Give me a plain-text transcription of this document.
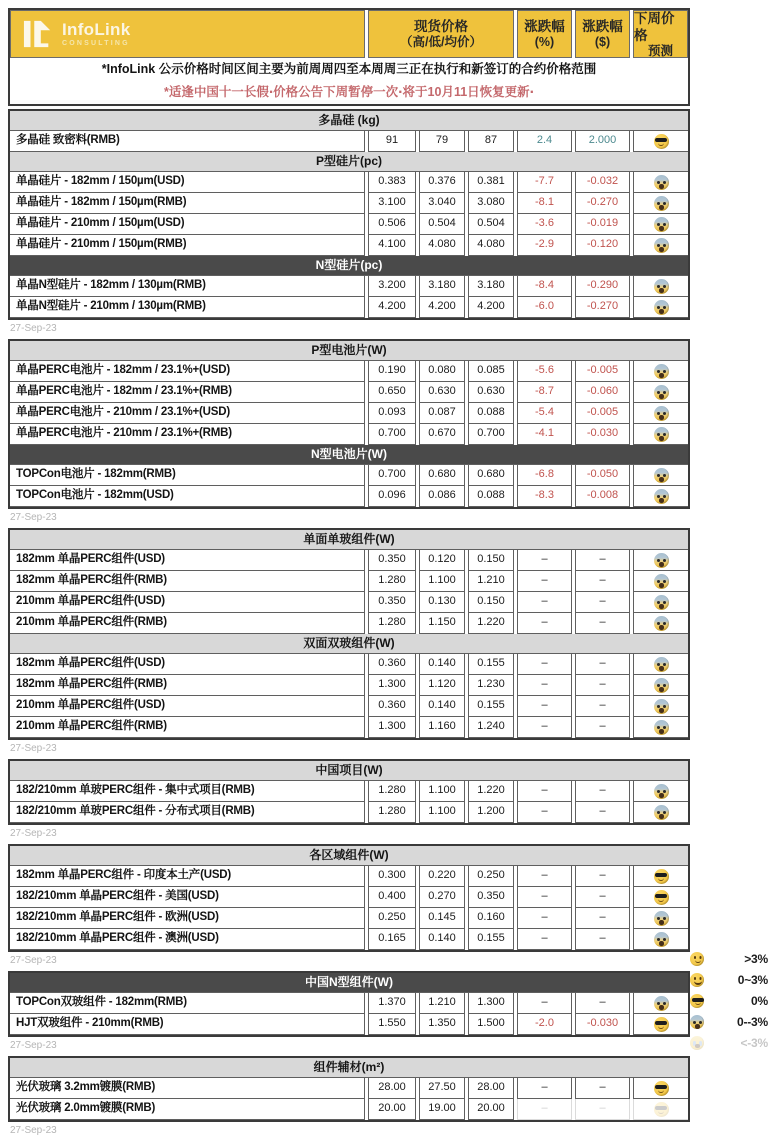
InfoLink
CONSULTING
现货价格
（高/低/均价）
涨跌幅
(%)
涨跌幅
($)
下周价格
预测
*InfoLink 公示价格时间区间主要为前周周四至本周周三正在执行和新签订的合约价格范围
*适逢中国十一长假‧价格公告下周暂停一次‧将于10月11日恢复更新‧
多晶硅 (kg)
多晶硅 致密料(RMB)	91	79	87	2.4	2.000
P型硅片(pc)
单晶硅片 - 182mm / 150µm(USD)	0.383	0.376	0.381	-7.7	-0.032
单晶硅片 - 182mm / 150µm(RMB)	3.100	3.040	3.080	-8.1	-0.270
单晶硅片 - 210mm / 150µm(USD)	0.506	0.504	0.504	-3.6	-0.019
单晶硅片 - 210mm / 150µm(RMB)	4.100	4.080	4.080	-2.9	-0.120
N型硅片(pc)
单晶N型硅片 - 182mm / 130µm(RMB)	3.200	3.180	3.180	-8.4	-0.290
单晶N型硅片 - 210mm / 130µm(RMB)	4.200	4.200	4.200	-6.0	-0.270
27-Sep-23
P型电池片(W)
单晶PERC电池片 - 182mm / 23.1%+(USD)	0.190	0.080	0.085	-5.6	-0.005
单晶PERC电池片 - 182mm / 23.1%+(RMB)	0.650	0.630	0.630	-8.7	-0.060
单晶PERC电池片 - 210mm / 23.1%+(USD)	0.093	0.087	0.088	-5.4	-0.005
单晶PERC电池片 - 210mm / 23.1%+(RMB)	0.700	0.670	0.700	-4.1	-0.030
N型电池片(W)
TOPCon电池片 - 182mm(RMB)	0.700	0.680	0.680	-6.8	-0.050
TOPCon电池片 - 182mm(USD)	0.096	0.086	0.088	-8.3	-0.008
27-Sep-23
单面单玻组件(W)
182mm 单晶PERC组件(USD)	0.350	0.120	0.150	–	–
182mm 单晶PERC组件(RMB)	1.280	1.100	1.210	–	–
210mm 单晶PERC组件(USD)	0.350	0.130	0.150	–	–
210mm 单晶PERC组件(RMB)	1.280	1.150	1.220	–	–
双面双玻组件(W)
182mm 单晶PERC组件(USD)	0.360	0.140	0.155	–	–
182mm 单晶PERC组件(RMB)	1.300	1.120	1.230	–	–
210mm 单晶PERC组件(USD)	0.360	0.140	0.155	–	–
210mm 单晶PERC组件(RMB)	1.300	1.160	1.240	–	–
27-Sep-23
中国项目(W)
182/210mm 单玻PERC组件 - 集中式项目(RMB)	1.280	1.100	1.220	–	–
182/210mm 单玻PERC组件 - 分布式项目(RMB)	1.280	1.100	1.200	–	–
27-Sep-23
各区域组件(W)
182mm 单晶PERC组件 - 印度本土产(USD)	0.300	0.220	0.250	–	–
182/210mm 单晶PERC组件 - 美国(USD)	0.400	0.270	0.350	–	–
182/210mm 单晶PERC组件 - 欧洲(USD)	0.250	0.145	0.160	–	–
182/210mm 单晶PERC组件 - 澳洲(USD)	0.165	0.140	0.155	–	–
27-Sep-23
中国N型组件(W)
TOPCon双玻组件 - 182mm(RMB)	1.370	1.210	1.300	–	–
HJT双玻组件 - 210mm(RMB)	1.550	1.350	1.500	-2.0	-0.030
27-Sep-23
组件辅材(m²)
光伏玻璃 3.2mm镀膜(RMB)	28.00	27.50	28.00	–	–
光伏玻璃 2.0mm镀膜(RMB)	20.00	19.00	20.00	–	–
27-Sep-23
>3%
0~3%
0%
0--3%
<-3%
